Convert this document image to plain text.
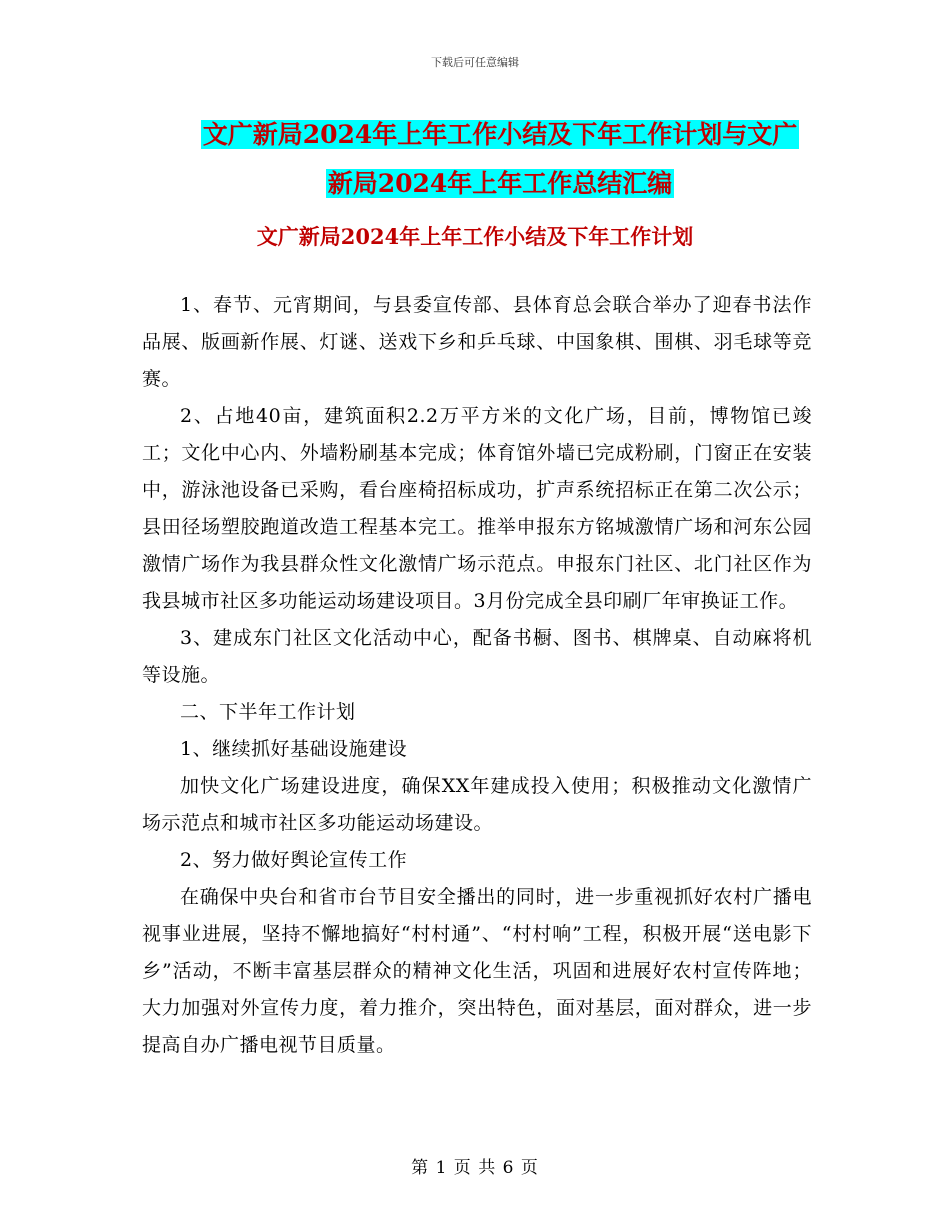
下载后可任意编辑
文广新局2024年上年工作小结及下年工作计划与文广
新局2024年上年工作总结汇编
文广新局2024年上年工作小结及下年工作计划

1、春节、元宵期间，与县委宣传部、县体育总会联合举办了迎春书法作品展、版画新作展、灯谜、送戏下乡和乒乓球、中国象棋、围棋、羽毛球等竞赛。

2、占地40亩，建筑面积2.2万平方米的文化广场，目前，博物馆已竣工；文化中心内、外墙粉刷基本完成；体育馆外墙已完成粉刷，门窗正在安装中，游泳池设备已采购，看台座椅招标成功，扩声系统招标正在第二次公示；县田径场塑胶跑道改造工程基本完工。推举申报东方铭城激情广场和河东公园激情广场作为我县群众性文化激情广场示范点。申报东门社区、北门社区作为我县城市社区多功能运动场建设项目。3月份完成全县印刷厂年审换证工作。

3、建成东门社区文化活动中心，配备书橱、图书、棋牌桌、自动麻将机等设施。

二、下半年工作计划

1、继续抓好基础设施建设

加快文化广场建设进度，确保XX年建成投入使用；积极推动文化激情广场示范点和城市社区多功能运动场建设。

2、努力做好舆论宣传工作

在确保中央台和省市台节目安全播出的同时，进一步重视抓好农村广播电视事业进展，坚持不懈地搞好“村村通”、“村村响”工程，积极开展“送电影下乡”活动，不断丰富基层群众的精神文化生活，巩固和进展好农村宣传阵地；大力加强对外宣传力度，着力推介，突出特色，面对基层，面对群众，进一步提高自办广播电视节目质量。

第 1 页 共 6 页
